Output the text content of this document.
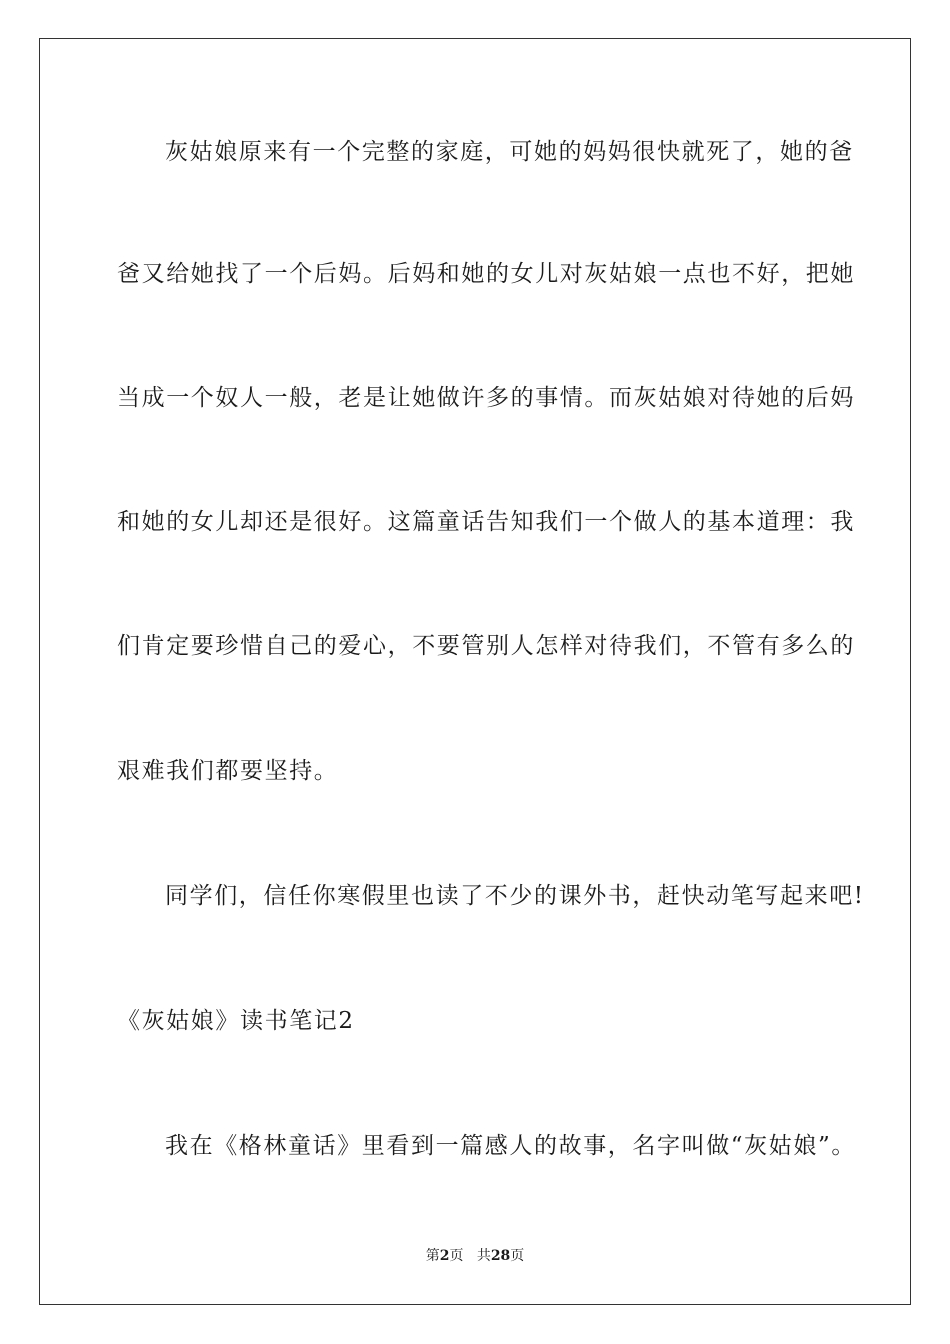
灰姑娘原来有一个完整的家庭，可她的妈妈很快就死了，她的爸
爸又给她找了一个后妈。后妈和她的女儿对灰姑娘一点也不好，把她
当成一个奴人一般，老是让她做许多的事情。而灰姑娘对待她的后妈
和她的女儿却还是很好。这篇童话告知我们一个做人的基本道理：我
们肯定要珍惜自己的爱心，不要管别人怎样对待我们，不管有多么的
艰难我们都要坚持。
同学们，信任你寒假里也读了不少的课外书，赶快动笔写起来吧!
《灰姑娘》读书笔记2
我在《格林童话》里看到一篇感人的故事，名字叫做“灰姑娘”。
第2页 共28页
